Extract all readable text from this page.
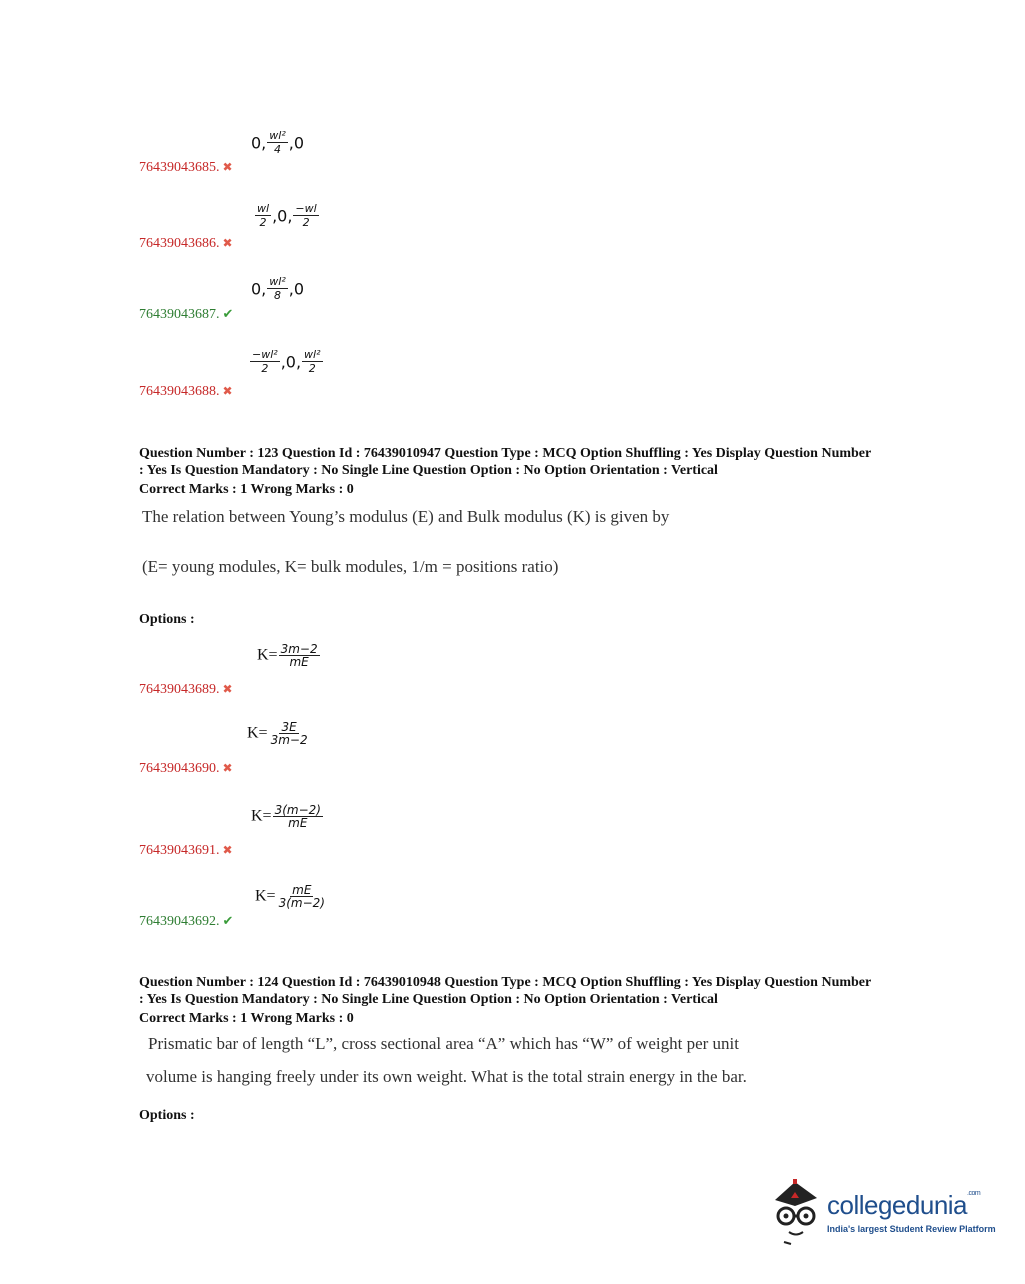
0, $\frac{\text{wl²}}{4} ,0$
76439043685. ✖
$\frac{wl}{2} ,0$, $\frac{-wl}{2}$
76439043686. ✖
0, $\frac{\text{wl²}}{8} ,0$
76439043687. ✔
$\frac{\text{−wl²}}{2} ,0$, $\frac{\text{wl²}}{2}$
76439043688. ✖
Question Number : 123 Question Id : 76439010947 Question Type : MCQ Option Shuffling : Yes Display Question Number
: Yes Is Question Mandatory : No Single Line Question Option : No Option Orientation : Vertical
Correct Marks : 1 Wrong Marks : 0
The relation between Young’s modulus (E) and Bulk modulus (K) is given by
(E= young modules, K= bulk modules, 1/m = positions ratio)
Options :
$K= \frac{3m-2}{mE}$
76439043689. ✖
$K= \frac{3E}{3m-2}$
76439043690. ✖
$K= \frac{3(m-2)}{mE}$
76439043691. ✖
$K= \frac{mE}{3(m-2)}$
76439043692. ✔
Question Number : 124 Question Id : 76439010948 Question Type : MCQ Option Shuffling : Yes Display Question Number
: Yes Is Question Mandatory : No Single Line Question Option : No Option Orientation : Vertical
Correct Marks : 1 Wrong Marks : 0
Prismatic bar of length “L”, cross sectional area “A” which has “W” of weight per unit
volume is hanging freely under its own weight. What is the total strain energy in the bar.
Options :
collegedunia$^{.com}$
India's largest Student Review Platform
